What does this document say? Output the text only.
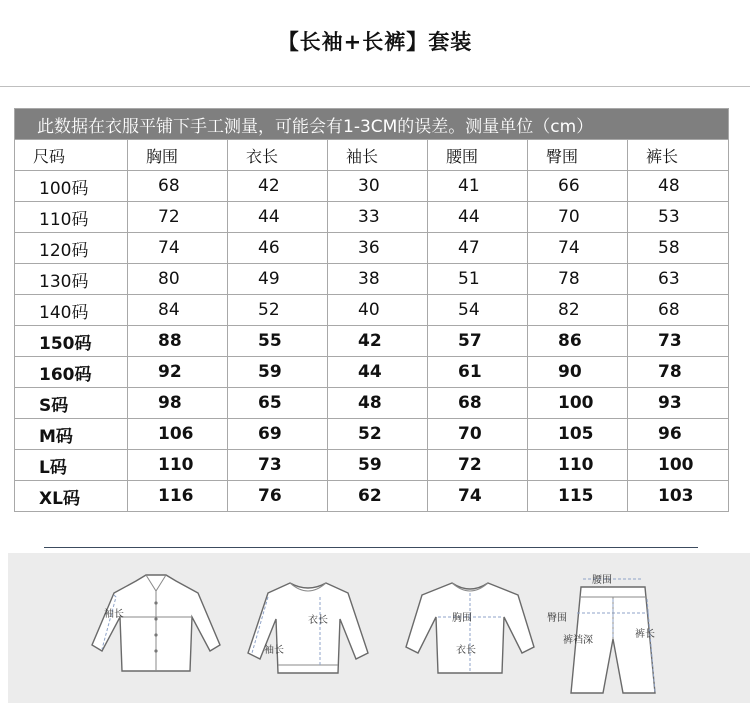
【长袖+长裤】套装
此数据在衣服平铺下手工测量，可能会有1-3CM的误差。测量单位（cm）						
尺码	胸围	衣长	袖长	腰围	臀围	裤长
100码	68	42	30	41	66	48
110码	72	44	33	44	70	53
120码	74	46	36	47	74	58
130码	80	49	38	51	78	63
140码	84	52	40	54	82	68
150码	88	55	42	57	86	73
160码	92	59	44	61	90	78
S码	98	65	48	68	100	93
M码	106	69	52	70	105	96
L码	110	73	59	72	110	100
XL码	116	76	62	74	115	103
袖长
衣长
袖长
胸围
衣长
腰围
臀围
裤裆深
裤长
